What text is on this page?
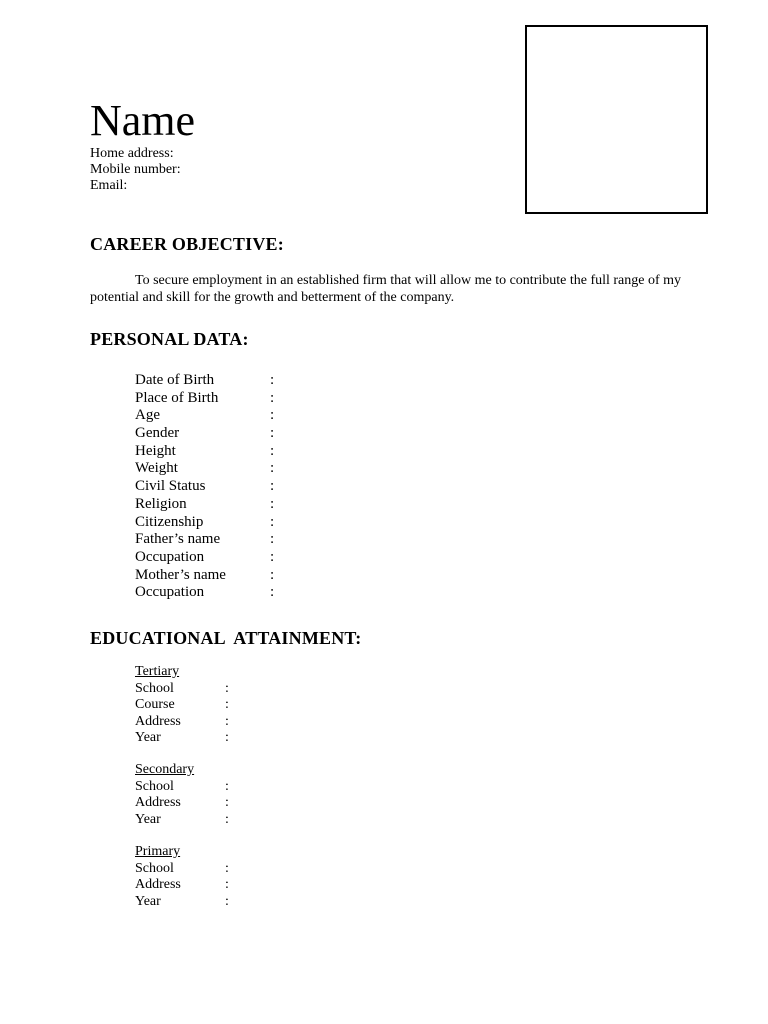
Name
Home address:
Mobile number:
Email:
CAREER OBJECTIVE:

To secure employment in an established firm that will allow me to contribute the full range of my potential and skill for the growth and betterment of the company.

PERSONAL DATA:
Date of Birth	:
Place of Birth	:
Age	:
Gender	:
Height	:
Weight	:
Civil Status	:
Religion	:
Citizenship	:
Father’s name	:
Occupation	:
Mother’s name	:
Occupation	:
EDUCATIONAL  ATTAINMENT:
Tertiary
School	:
Course	:
Address	:
Year	:
Secondary
School	:
Address	:
Year	:
Primary
School	:
Address	:
Year	:
